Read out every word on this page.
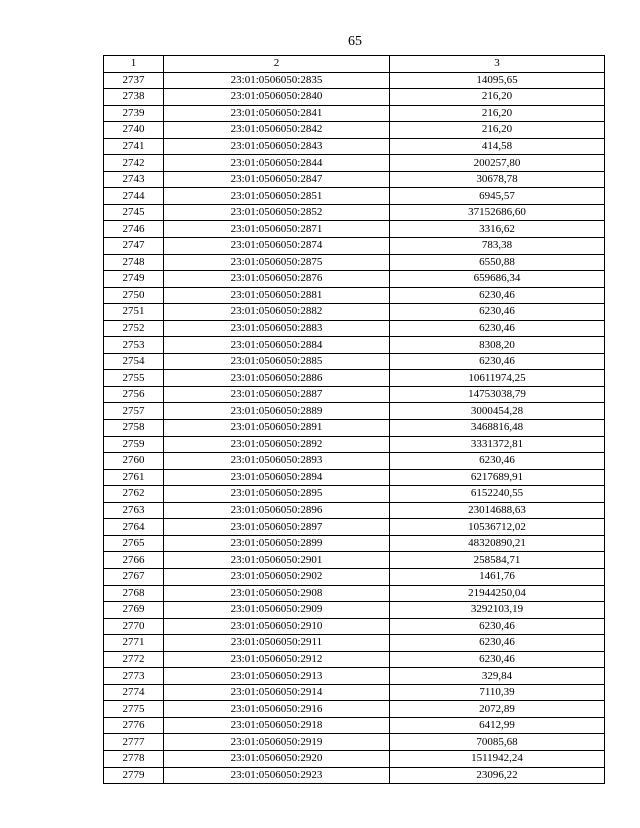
65
1	2	3
2737	23:01:0506050:2835	14095,65
2738	23:01:0506050:2840	216,20
2739	23:01:0506050:2841	216,20
2740	23:01:0506050:2842	216,20
2741	23:01:0506050:2843	414,58
2742	23:01:0506050:2844	200257,80
2743	23:01:0506050:2847	30678,78
2744	23:01:0506050:2851	6945,57
2745	23:01:0506050:2852	37152686,60
2746	23:01:0506050:2871	3316,62
2747	23:01:0506050:2874	783,38
2748	23:01:0506050:2875	6550,88
2749	23:01:0506050:2876	659686,34
2750	23:01:0506050:2881	6230,46
2751	23:01:0506050:2882	6230,46
2752	23:01:0506050:2883	6230,46
2753	23:01:0506050:2884	8308,20
2754	23:01:0506050:2885	6230,46
2755	23:01:0506050:2886	10611974,25
2756	23:01:0506050:2887	14753038,79
2757	23:01:0506050:2889	3000454,28
2758	23:01:0506050:2891	3468816,48
2759	23:01:0506050:2892	3331372,81
2760	23:01:0506050:2893	6230,46
2761	23:01:0506050:2894	6217689,91
2762	23:01:0506050:2895	6152240,55
2763	23:01:0506050:2896	23014688,63
2764	23:01:0506050:2897	10536712,02
2765	23:01:0506050:2899	48320890,21
2766	23:01:0506050:2901	258584,71
2767	23:01:0506050:2902	1461,76
2768	23:01:0506050:2908	21944250,04
2769	23:01:0506050:2909	3292103,19
2770	23:01:0506050:2910	6230,46
2771	23:01:0506050:2911	6230,46
2772	23:01:0506050:2912	6230,46
2773	23:01:0506050:2913	329,84
2774	23:01:0506050:2914	7110,39
2775	23:01:0506050:2916	2072,89
2776	23:01:0506050:2918	6412,99
2777	23:01:0506050:2919	70085,68
2778	23:01:0506050:2920	1511942,24
2779	23:01:0506050:2923	23096,22
